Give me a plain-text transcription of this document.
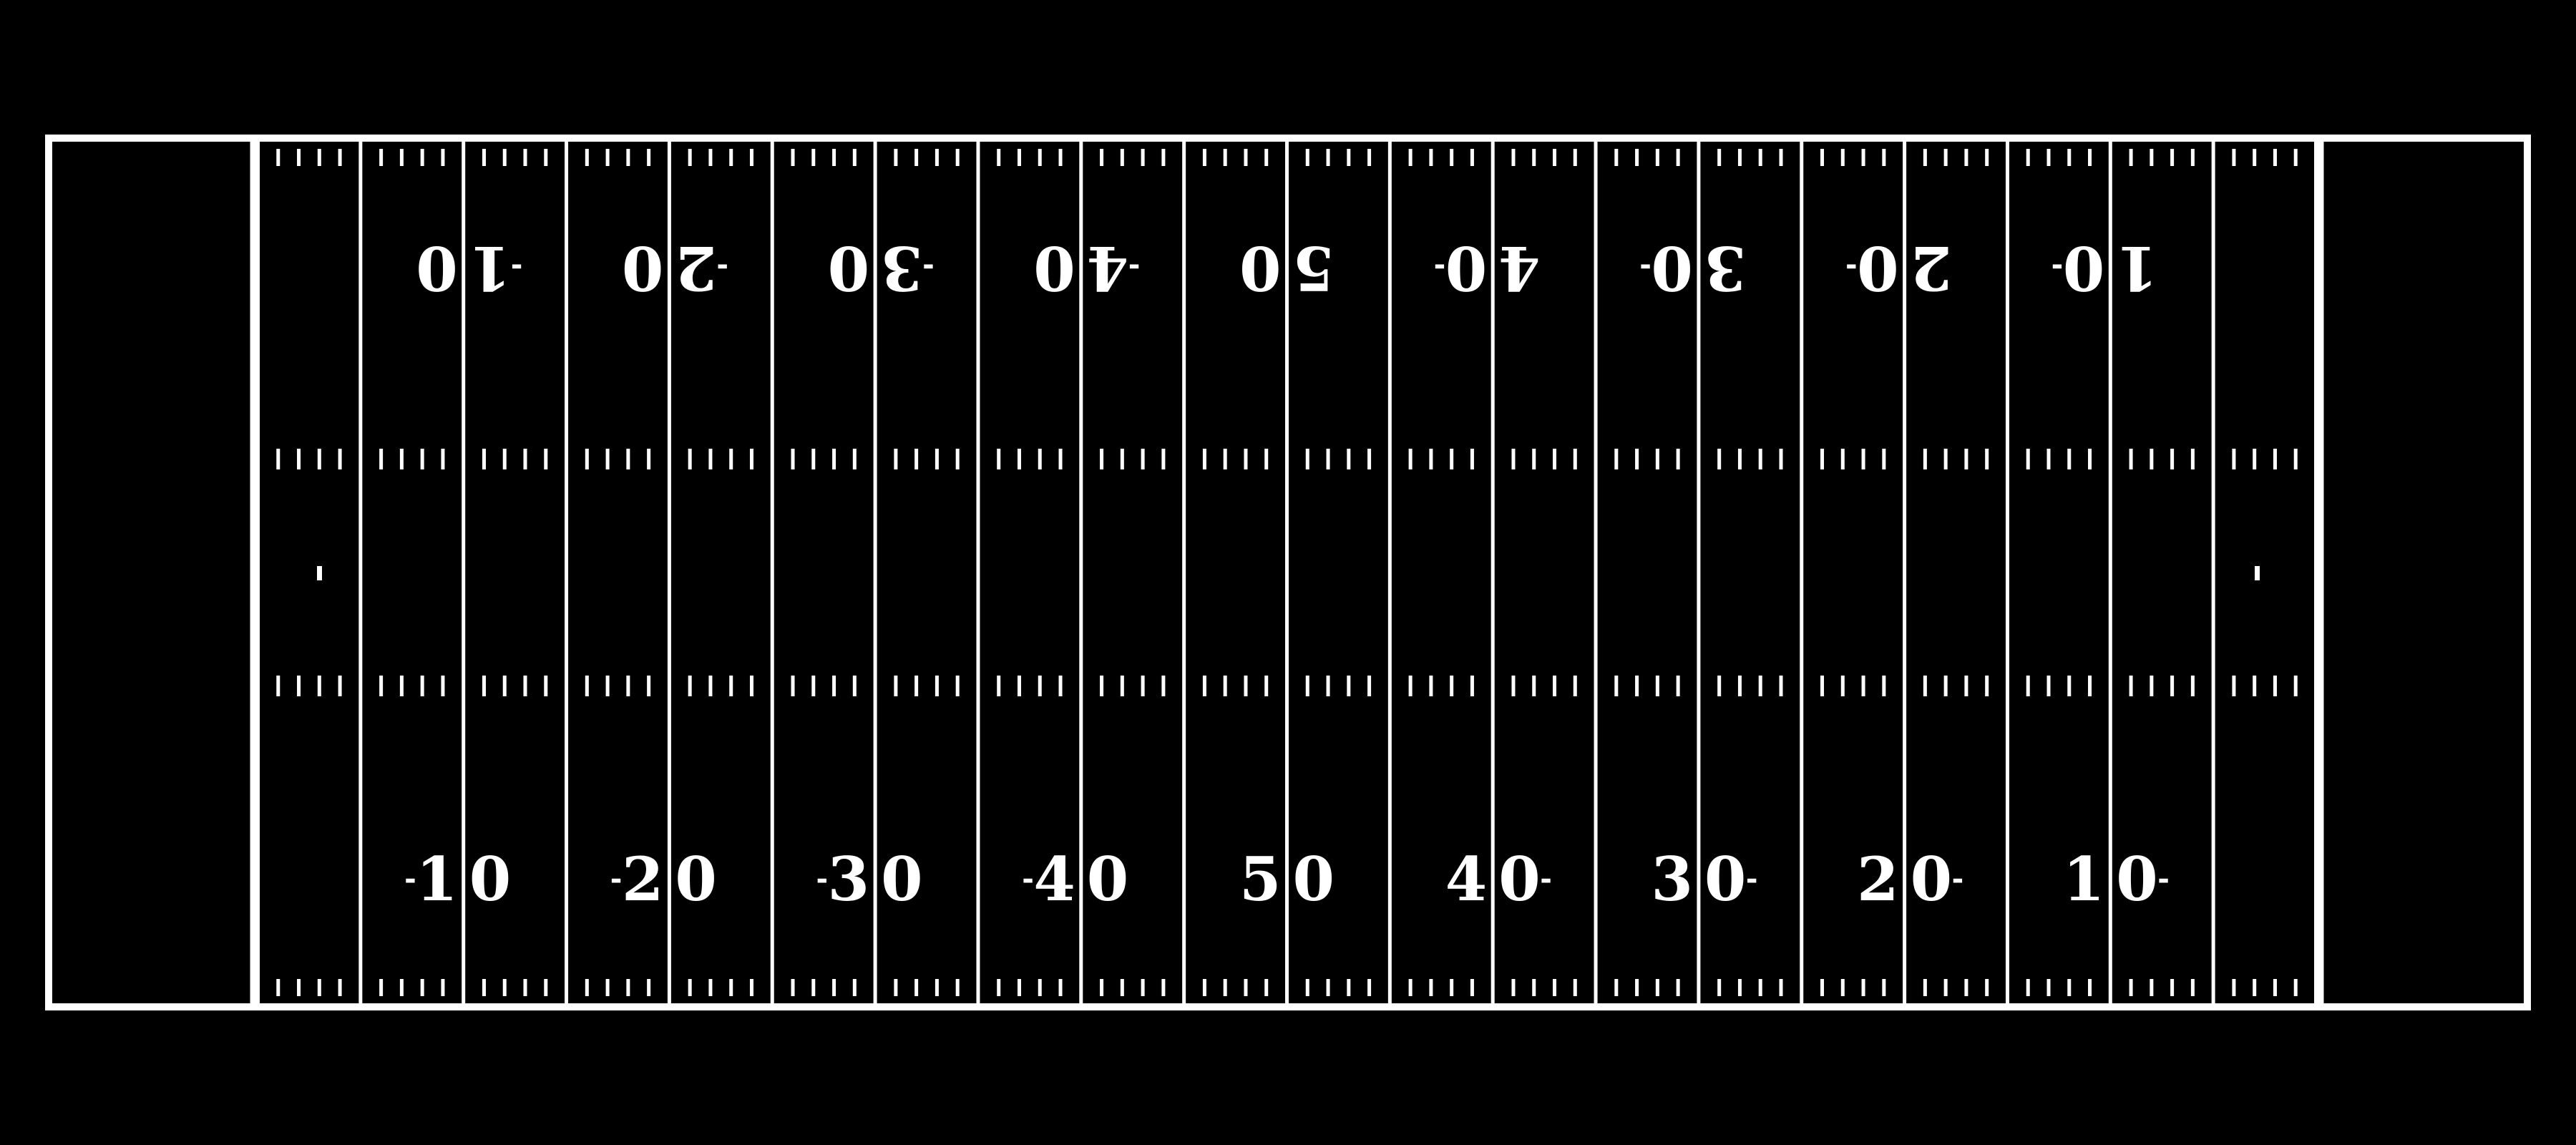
1 0
-	2 0
-	3 0
-	4 0
-	5 0 4 0 - 3 0 - 2 0 - 1 0 -
1
0 -	2
0 -	3
0 -	4
0 -	5
0	4
0
-	3
0
-	2
0
-	1
0
-
